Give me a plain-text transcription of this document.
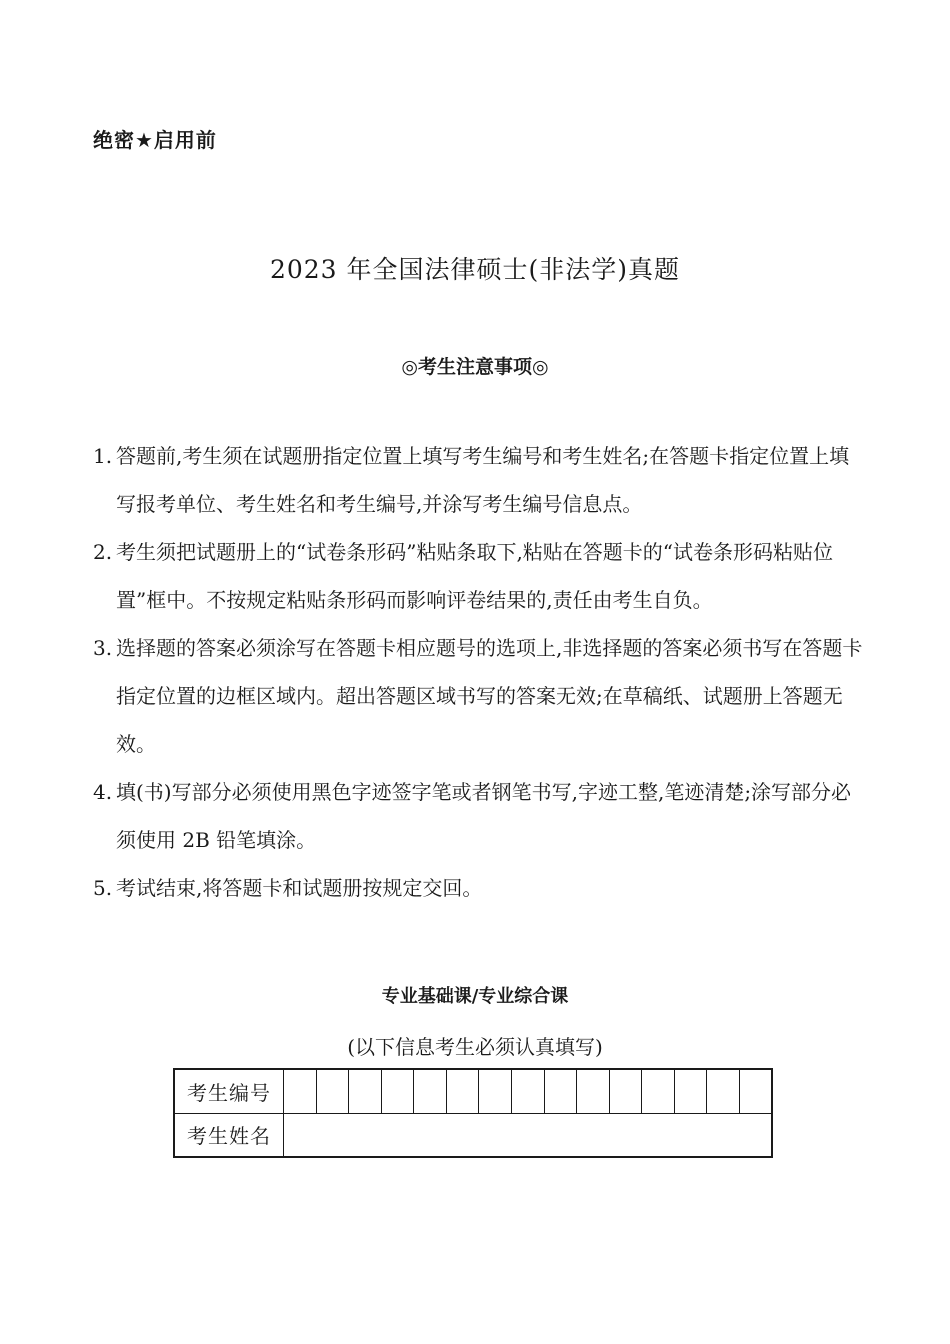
绝密★启用前
2023 年全国法律硕士(非法学)真题
◎考生注意事项◎
1. 答题前,考生须在试题册指定位置上填写考生编号和考生姓名;在答题卡指定位置上填写报考单位、考生姓名和考生编号,并涂写考生编号信息点。
2. 考生须把试题册上的“试卷条形码”粘贴条取下,粘贴在答题卡的“试卷条形码粘贴位置”框中。不按规定粘贴条形码而影响评卷结果的,责任由考生自负。
3. 选择题的答案必须涂写在答题卡相应题号的选项上,非选择题的答案必须书写在答题卡指定位置的边框区域内。超出答题区域书写的答案无效;在草稿纸、试题册上答题无效。
4. 填(书)写部分必须使用黑色字迹签字笔或者钢笔书写,字迹工整,笔迹清楚;涂写部分必须使用 2B 铅笔填涂。
5. 考试结束,将答题卡和试题册按规定交回。
专业基础课/专业综合课
(以下信息考生必须认真填写)
考生编号															
考生姓名															
